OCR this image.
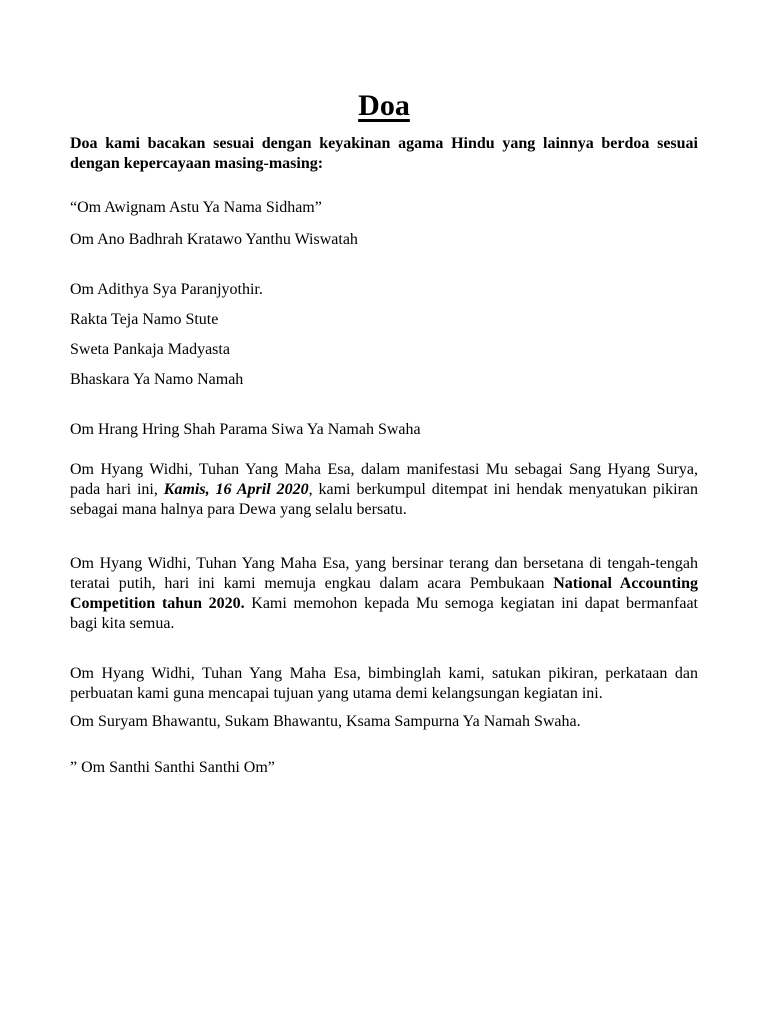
Doa

Doa kami bacakan sesuai dengan keyakinan agama Hindu yang lainnya berdoa sesuai dengan kepercayaan masing-masing:

“Om Awignam Astu Ya Nama Sidham”

Om Ano Badhrah Kratawo Yanthu Wiswatah

Om Adithya Sya Paranjyothir.

Rakta Teja Namo Stute

Sweta Pankaja Madyasta

Bhaskara Ya Namo Namah

Om Hrang Hring Shah Parama Siwa Ya Namah Swaha

Om Hyang Widhi, Tuhan Yang Maha Esa, dalam manifestasi Mu sebagai Sang Hyang Surya, pada hari ini, Kamis, 16 April 2020, kami berkumpul ditempat ini hendak menyatukan pikiran sebagai mana halnya para Dewa yang selalu bersatu.

Om Hyang Widhi, Tuhan Yang Maha Esa, yang bersinar terang dan bersetana di tengah-tengah teratai putih, hari ini kami memuja engkau dalam acara Pembukaan National Accounting Competition tahun 2020. Kami memohon kepada Mu semoga kegiatan ini dapat bermanfaat bagi kita semua.

Om Hyang Widhi, Tuhan Yang Maha Esa, bimbinglah kami, satukan pikiran, perkataan dan perbuatan kami guna mencapai tujuan yang utama demi kelangsungan kegiatan ini.

Om Suryam Bhawantu, Sukam Bhawantu, Ksama Sampurna Ya Namah Swaha.

” Om Santhi Santhi Santhi Om”
